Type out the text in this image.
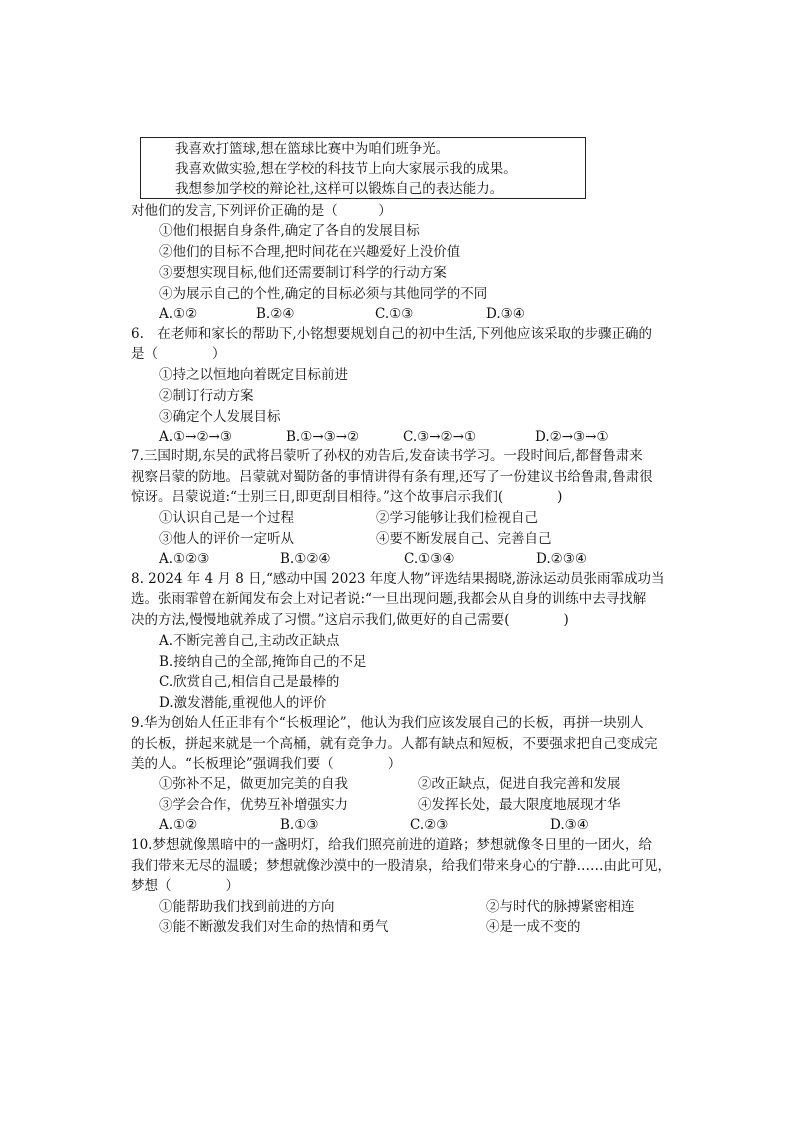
我喜欢打篮球,想在篮球比赛中为咱们班争光。
我喜欢做实验,想在学校的科技节上向大家展示我的成果。
我想参加学校的辩论社,这样可以锻炼自己的表达能力。
对他们的发言,下列评价正确的是（　　　）
①他们根据自身条件,确定了各自的发展目标
②他们的目标不合理,把时间花在兴趣爱好上没价值
③要想实现目标,他们还需要制订科学的行动方案
④为展示自己的个性,确定的目标必须与其他同学的不同
A.①②	B.②④	C.①③	D.③④
6.　在老师和家长的帮助下,小铭想要规划自己的初中生活,下列他应该采取的步骤正确的
是（　　　　）
①持之以恒地向着既定目标前进
②制订行动方案
③确定个人发展目标
A.①→②→③	B.①→③→②	C.③→②→①	D.②→③→①
7.三国时期,东吴的武将吕蒙听了孙权的劝告后,发奋读书学习。一段时间后,都督鲁肃来
视察吕蒙的防地。吕蒙就对蜀防备的事情讲得有条有理,还写了一份建议书给鲁肃,鲁肃很
惊讶。吕蒙说道:“士别三日,即更刮目相待。”这个故事启示我们(　　　　)
①认识自己是一个过程	②学习能够让我们检视自己
③他人的评价一定听从	④要不断发展自己、完善自己
A.①②③	B.①②④	C.①③④	D.②③④
8. 2024 年 4 月 8 日,“感动中国 2023 年度人物”评选结果揭晓,游泳运动员张雨霏成功当
选。张雨霏曾在新闻发布会上对记者说:“一旦出现问题,我都会从自身的训练中去寻找解
决的方法,慢慢地就养成了习惯。”这启示我们,做更好的自己需要(　　　　)
A.不断完善自己,主动改正缺点
B.接纳自己的全部,掩饰自己的不足
C.欣赏自己,相信自己是最棒的
D.激发潜能,重视他人的评价
9.华为创始人任正非有个“长板理论”，他认为我们应该发展自己的长板，再拼一块别人
的长板，拼起来就是一个高桶，就有竞争力。人都有缺点和短板，不要强求把自己变成完
美的人。“长板理论”强调我们要（　　　　）
①弥补不足，做更加完美的自我	②改正缺点，促进自我完善和发展
③学会合作，优势互补增强实力	④发挥长处，最大限度地展现才华
A.①②	B.①③	C.②③	D.③④
10.梦想就像黑暗中的一盏明灯，给我们照亮前进的道路；梦想就像冬日里的一团火，给
我们带来无尽的温暖；梦想就像沙漠中的一股清泉，给我们带来身心的宁静……由此可见，
梦想（　　　　）
①能帮助我们找到前进的方向	②与时代的脉搏紧密相连
③能不断激发我们对生命的热情和勇气	④是一成不变的
